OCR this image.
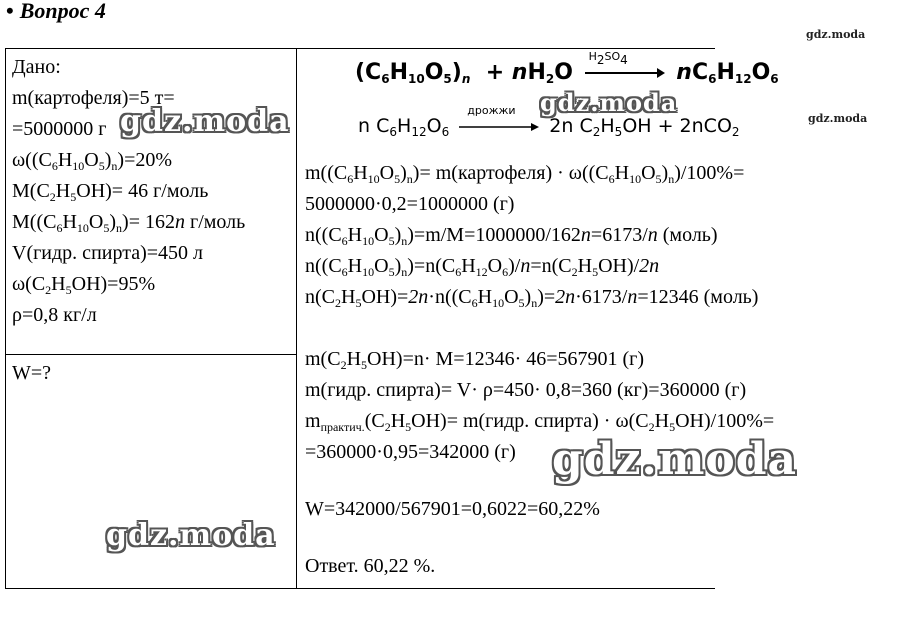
• Вопрос 4
gdz.moda
gdz.moda
Дано:
m(картофеля)=5 т=
=5000000 г
$\omega((C_6H_{10}O_5)_n)=20\%$
$M(C_2H_5OH)= 46$ г/моль
$M((C_6H_{10}O_5)_n)= 162n$ г/моль
V(гидр. спирта)=450 л
$\omega(C_2H_5OH)=95\%$
ρ=0,8 кг/л
W=?
$(C_6H_{10}O_5)_n + nH_2O$
$H_2SO_4$ $nC_6H_{12}O_6$
n $C_6H_{12}O_6$
дрожжи
2n $C_2H_5OH + 2nCO_2$
$m((C_6H_{10}O_5)_n)=$ m(картофеля) · $\omega((C_6H_{10}O_5)_n)/100\%=$
5000000·0,2=1000000 (г)
$n((C_6H_{10}O_5)_n)=m/M=1000000/162n=6173/n$ (моль)
$n((C_6H_{10}O_5)_n)=n(C_6H_{12}O_6)/n=n(C_2H_5OH)/2n$
$n(C_2H_5OH)=2n\cdot n((C_6H_{10}O_5)_n)=2n\cdot 6173/n=12346$ (моль)
$m(C_2H_5OH)=n\cdot M=12346\cdot 46=567901$ (г)
m(гидр. спирта)= V· ρ=450· 0,8=360 (кг)=360000 (г)
$m_{практич.}(C_2H_5OH)=$ m(гидр. спирта) · $\omega(C_2H_5OH)/100\%=$
=360000·0,95=342000 (г)
W=342000/567901=0,6022=60,22%
Ответ. 60,22 %.
gdz.moda
gdz.moda
gdz.moda
gdz.moda
